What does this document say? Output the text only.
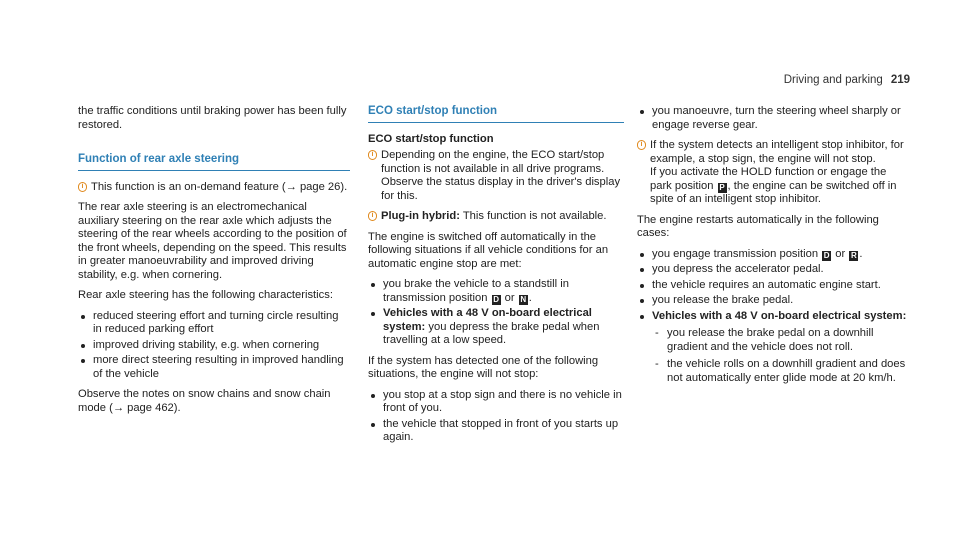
Driving and parking 219

the traffic conditions until braking power has been fully restored.

Function of rear axle steering
i This function is an on-demand feature (→ page 26).

The rear axle steering is an electromechanical auxiliary steering on the rear axle which adjusts the steering of the rear wheels according to the position of the front wheels, depending on the speed. This results in greater manoeuvrability and improved driving stability, e.g. when cornering.

Rear axle steering has the following characteristics:

reduced steering effort and turning circle resulting in reduced parking effort
improved driving stability, e.g. when cornering
more direct steering resulting in improved handling of the vehicle

Observe the notes on snow chains and snow chain mode (→ page 462).

ECO start/stop function
ECO start/stop function
i Depending on the engine, the ECO start/stop function is not available in all drive programs. Observe the status display in the driver's display for this.
i Plug-in hybrid: This function is not available.

The engine is switched off automatically in the following situations if all vehicle conditions for an automatic engine stop are met:

you brake the vehicle to a standstill in transmission position D or N .
Vehicles with a 48 V on-board electrical system: you depress the brake pedal when travelling at a low speed.

If the system has detected one of the following situations, the engine will not stop:

you stop at a stop sign and there is no vehicle in front of you.
the vehicle that stopped in front of you starts up again.
you manoeuvre, turn the steering wheel sharply or engage reverse gear.
i If the system detects an intelligent stop inhibitor, for example, a stop sign, the engine will not stop.
If you activate the HOLD function or engage the park position P , the engine can be switched off in spite of an intelligent stop inhibitor.

The engine restarts automatically in the following cases:

you engage transmission position D or R .
you depress the accelerator pedal.
the vehicle requires an automatic engine start.
you release the brake pedal.
Vehicles with a 48 V on-board electrical system:
- you release the brake pedal on a downhill gradient and the vehicle does not roll.
- the vehicle rolls on a downhill gradient and does not automatically enter glide mode at 20 km/h.
